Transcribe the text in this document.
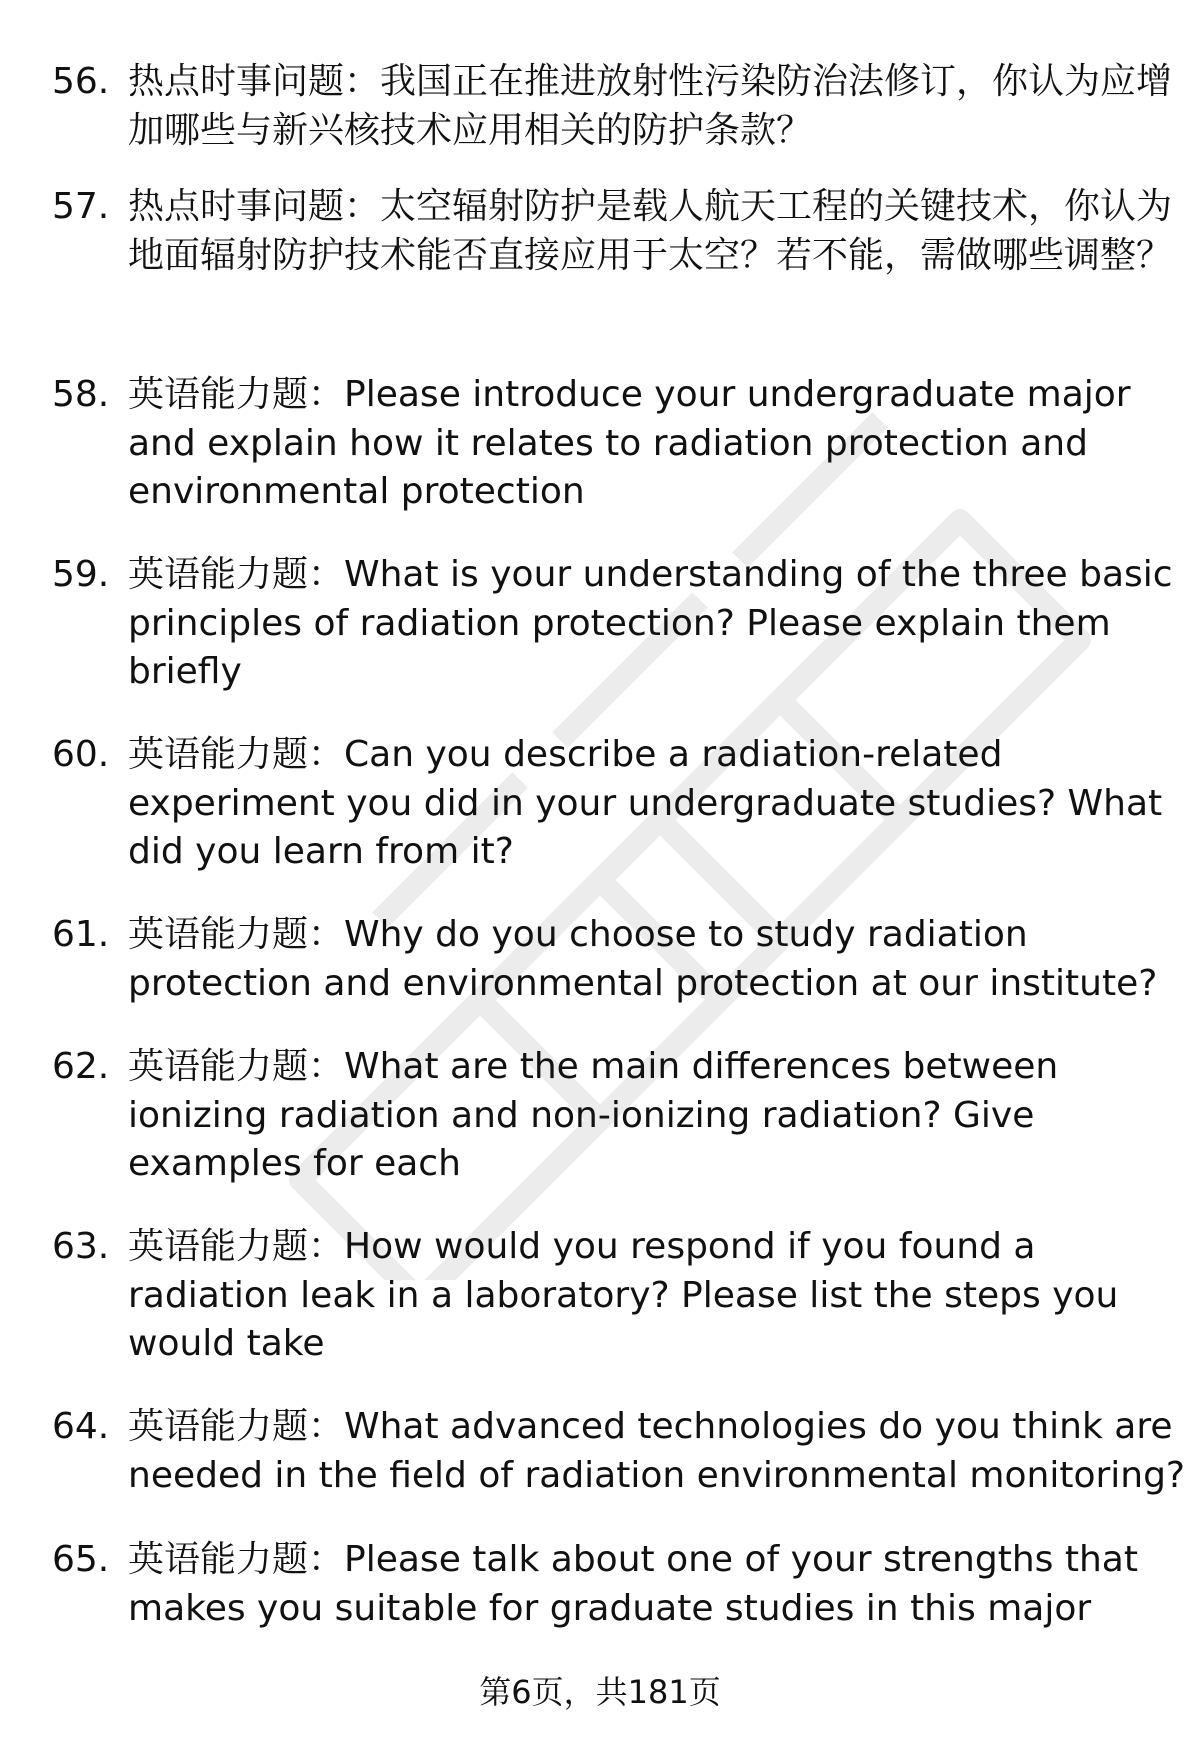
56. 热点时事问题：我国正在推进放射性污染防治法修订，你认为应增加哪些与新兴核技术应用相关的防护条款？
57. 热点时事问题：太空辐射防护是载人航天工程的关键技术，你认为地面辐射防护技术能否直接应用于太空？若不能，需做哪些调整？
58. 英语能力题：Please introduce your undergraduate major and explain how it relates to radiation protection and environmental protection
59. 英语能力题：What is your understanding of the three basic principles of radiation protection? Please explain them briefly
60. 英语能力题：Can you describe a radiation-related experiment you did in your undergraduate studies? What did you learn from it?
61. 英语能力题：Why do you choose to study radiation protection and environmental protection at our institute?
62. 英语能力题：What are the main differences between ionizing radiation and non-ionizing radiation? Give examples for each
63. 英语能力题：How would you respond if you found a radiation leak in a laboratory? Please list the steps you would take
64. 英语能力题：What advanced technologies do you think are needed in the field of radiation environmental monitoring?
65. 英语能力题：Please talk about one of your strengths that makes you suitable for graduate studies in this major
第6页，共181页
